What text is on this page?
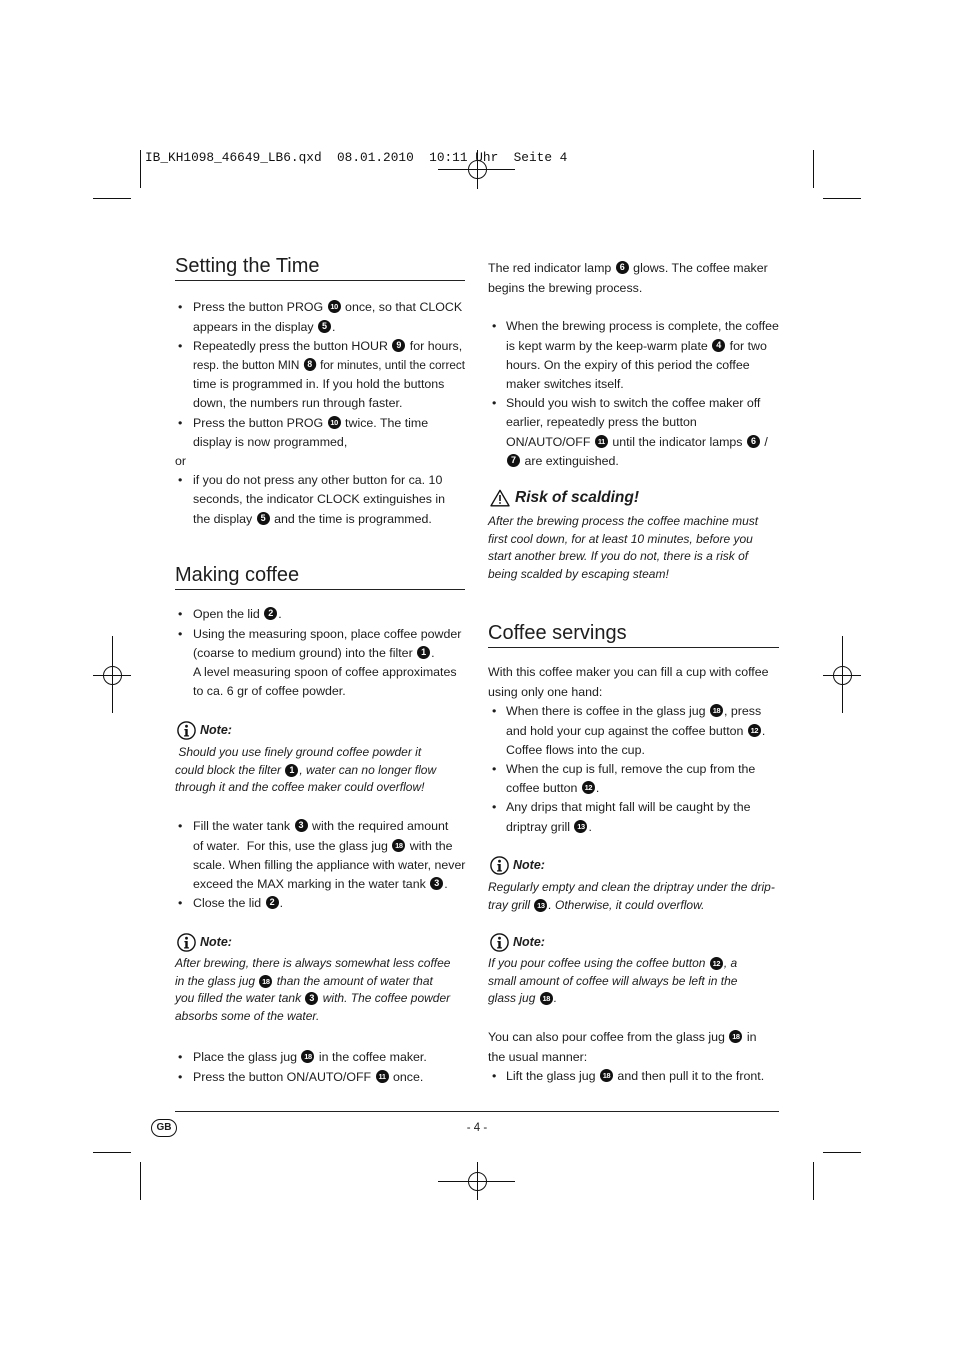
IB_KH1098_46649_LB6.qxd  08.01.2010  10:11 Uhr  Seite 4
Setting the Time
• Press the button PROG  10 once, so that CLOCK
appears in the display  5.
• Repeatedly press the button HOUR  9 for hours,
resp. the button MIN  8 for minutes, until the correct
time is programmed in. If you hold the buttons
down, the numbers run through faster.
• Press the button PROG  10 twice. The time
display is now programmed,
or
• if you do not press any other button for ca. 10
seconds, the indicator CLOCK extinguishes in
the display  5 and the time is programmed.
Making coffee
• Open the lid  2.
• Using the measuring spoon, place coffee powder
(coarse to medium ground) into the filter  1.
A level measuring spoon of coffee approximates
to ca. 6 gr of coffee powder.
Note:
Should you use finely ground coffee powder it
could block the filter  1, water can no longer flow
through it and the coffee maker could overflow!
• Fill the water tank  3 with the required amount
of water.  For this, use the glass jug  18 with the
scale. When filling the appliance with water, never
exceed the MAX marking in the water tank  3.
• Close the lid  2.
Note:
After brewing, there is always somewhat less coffee
in the glass jug  18 than the amount of water that
you filled the water tank  3 with. The coffee powder
absorbs some of the water.
• Place the glass jug  18 in the coffee maker.
• Press the button ON/AUTO/OFF  11 once.
The red indicator lamp  6 glows. The coffee maker
begins the brewing process.
• When the brewing process is complete, the coffee
is kept warm by the keep-warm plate  4 for two
hours. On the expiry of this period the coffee
maker switches itself.
• Should you wish to switch the coffee maker off
earlier, repeatedly press the button
ON/AUTO/OFF  11 until the indicator lamps  6 /
7 are extinguished.
Risk of scalding!
After the brewing process the coffee machine must
first cool down, for at least 10 minutes, before you
start another brew. If you do not, there is a risk of
being scalded by escaping steam!
Coffee servings
With this coffee maker you can fill a cup with coffee
using only one hand:
• When there is coffee in the glass jug  18, press
and hold your cup against the coffee button  12.
Coffee flows into the cup.
• When the cup is full, remove the cup from the
coffee button  12.
• Any drips that might fall will be caught by the
driptray grill  13.
Note:
Regularly empty and clean the driptray under the drip-
tray grill  13. Otherwise, it could overflow.
Note:
If you pour coffee using the coffee button  12, a
small amount of coffee will always be left in the
glass jug  18.
You can also pour coffee from the glass jug  18 in
the usual manner:
• Lift the glass jug  18 and then pull it to the front.
GB	- 4 -
